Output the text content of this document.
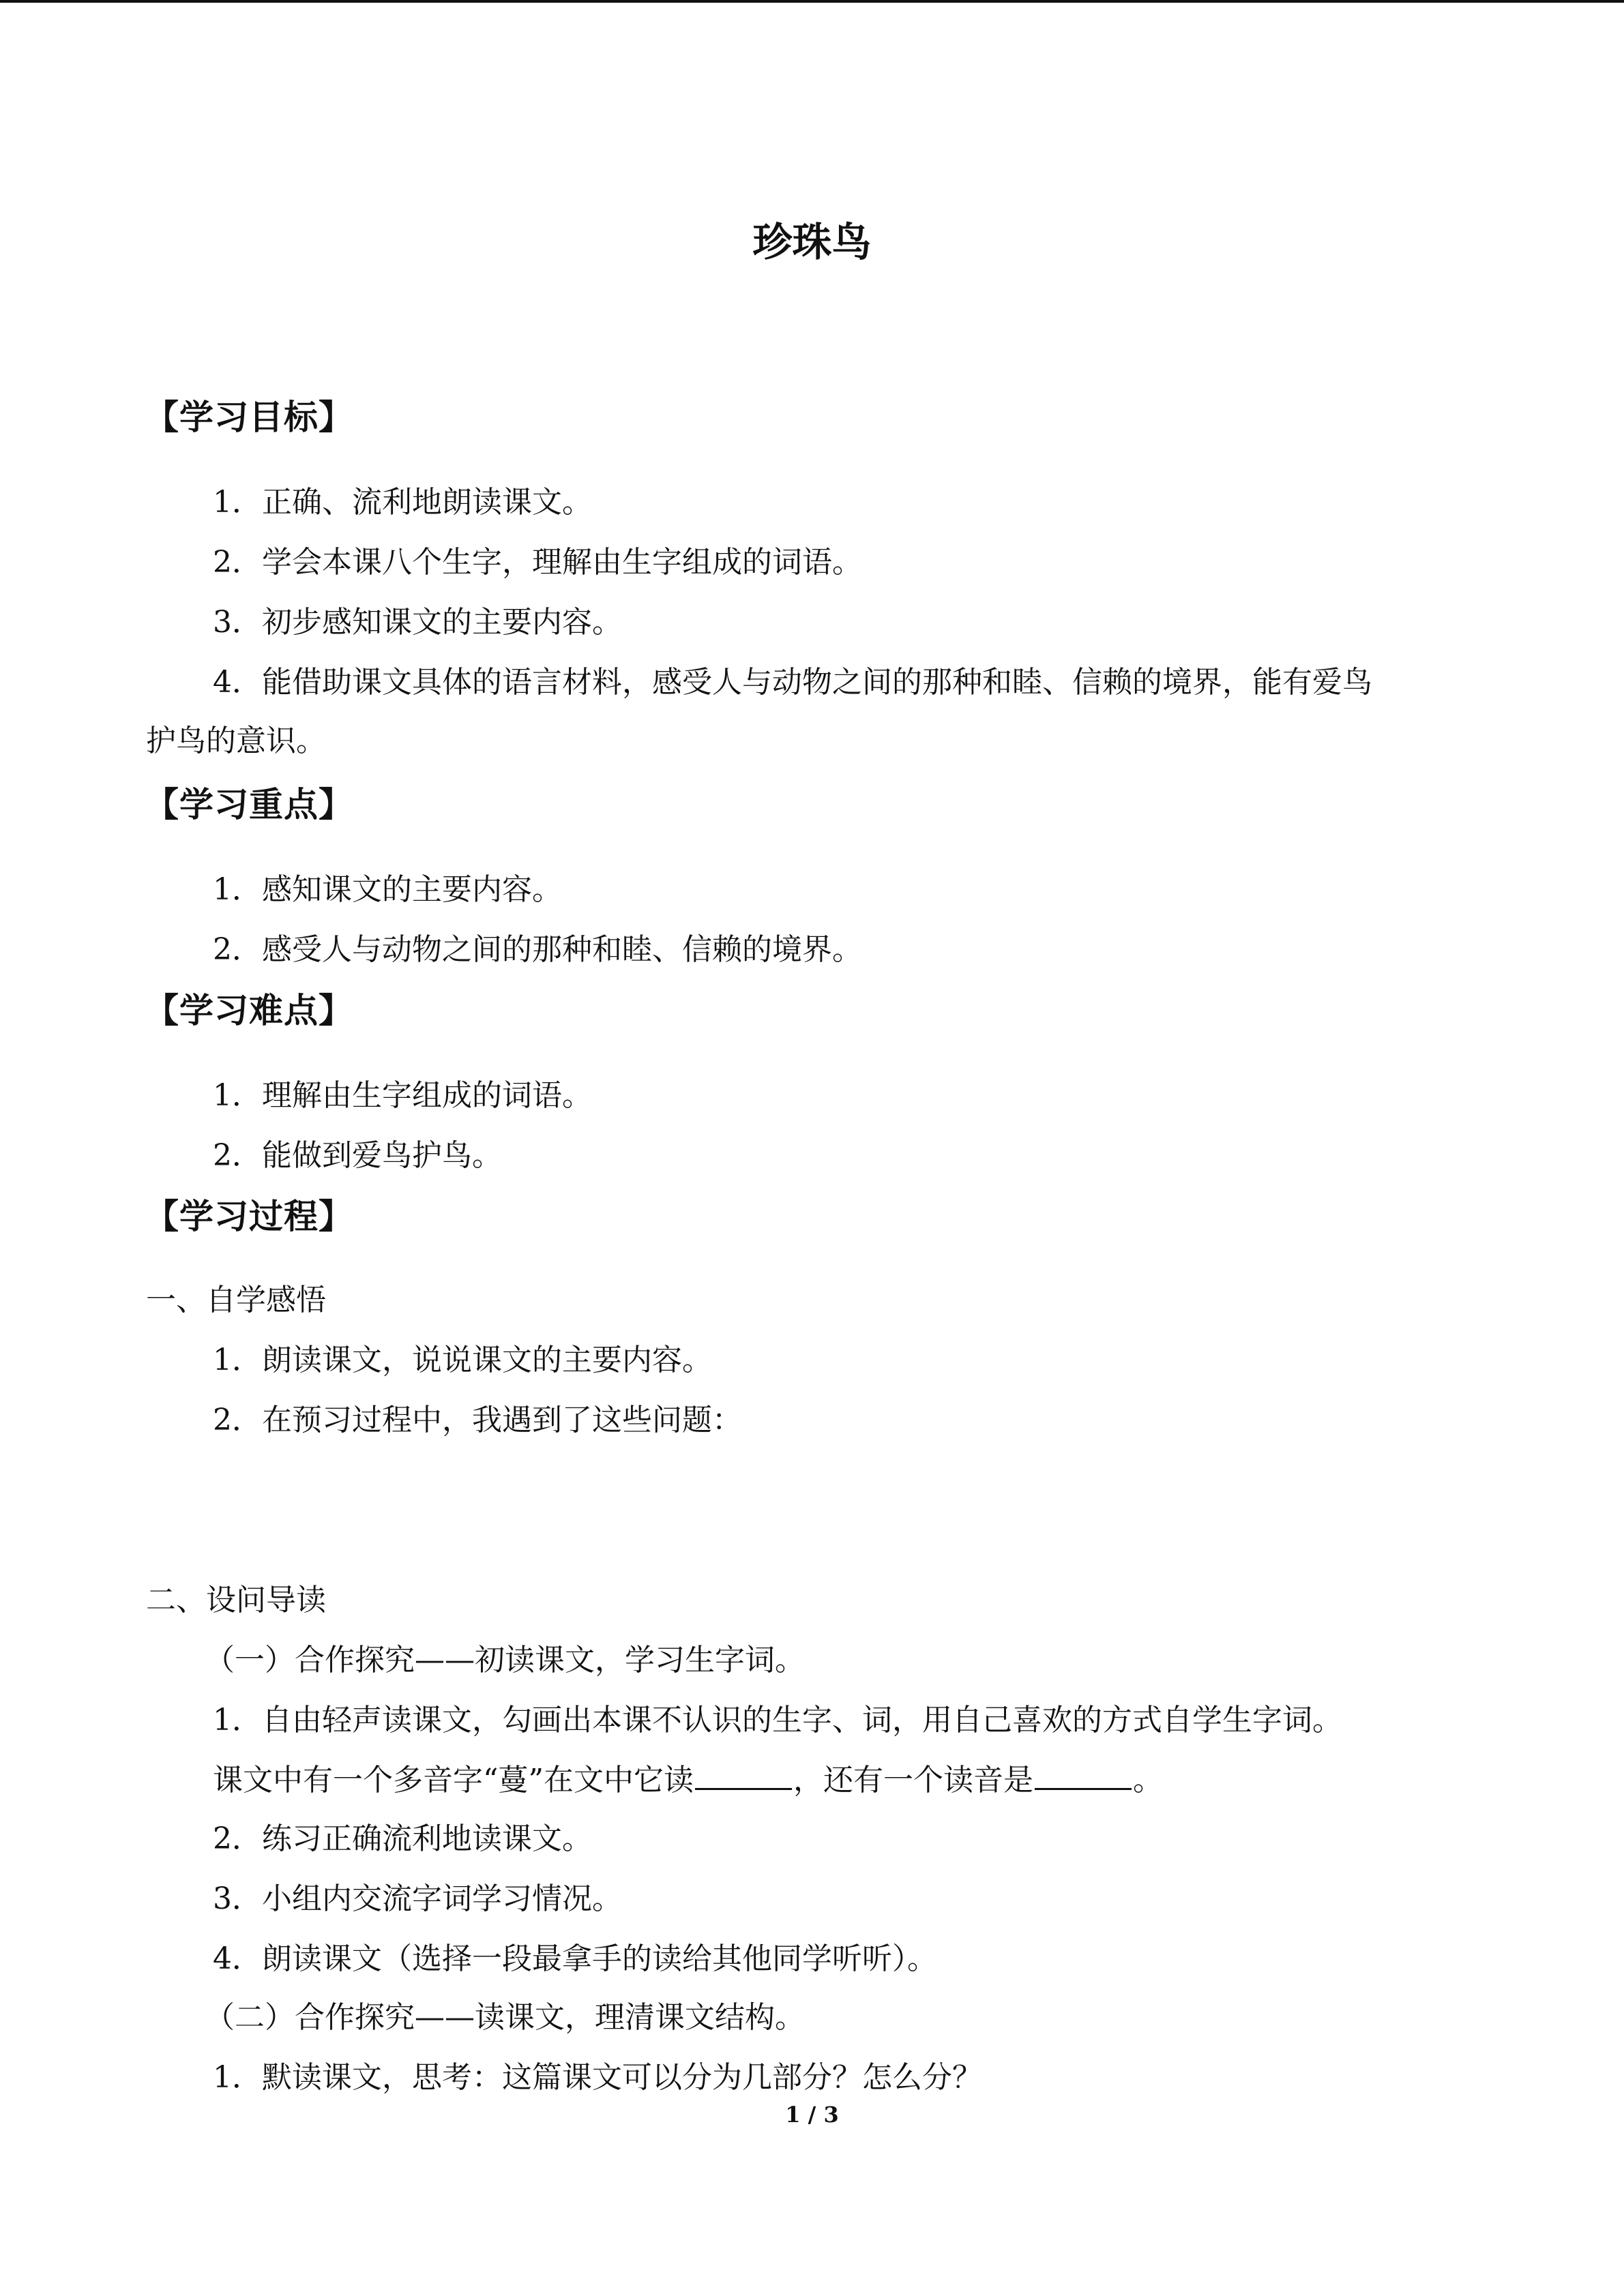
珍珠鸟
【学习目标】
1．正确、流利地朗读课文。
2．学会本课八个生字，理解由生字组成的词语。
3．初步感知课文的主要内容。
4．能借助课文具体的语言材料，感受人与动物之间的那种和睦、信赖的境界，能有爱鸟
护鸟的意识。
【学习重点】
1．感知课文的主要内容。
2．感受人与动物之间的那种和睦、信赖的境界。
【学习难点】
1．理解由生字组成的词语。
2．能做到爱鸟护鸟。
【学习过程】
一、自学感悟
1．朗读课文，说说课文的主要内容。
2．在预习过程中，我遇到了这些问题：
二、设问导读
（一）合作探究——初读课文，学习生字词。
1．自由轻声读课文，勾画出本课不认识的生字、词，用自己喜欢的方式自学生字词。
课文中有一个多音字“蔓”在文中它读	，还有一个读音是	。
2．练习正确流利地读课文。
3．小组内交流字词学习情况。
4．朗读课文（选择一段最拿手的读给其他同学听听）。
（二）合作探究——读课文，理清课文结构。
1．默读课文，思考：这篇课文可以分为几部分？怎么分？
1 / 3
